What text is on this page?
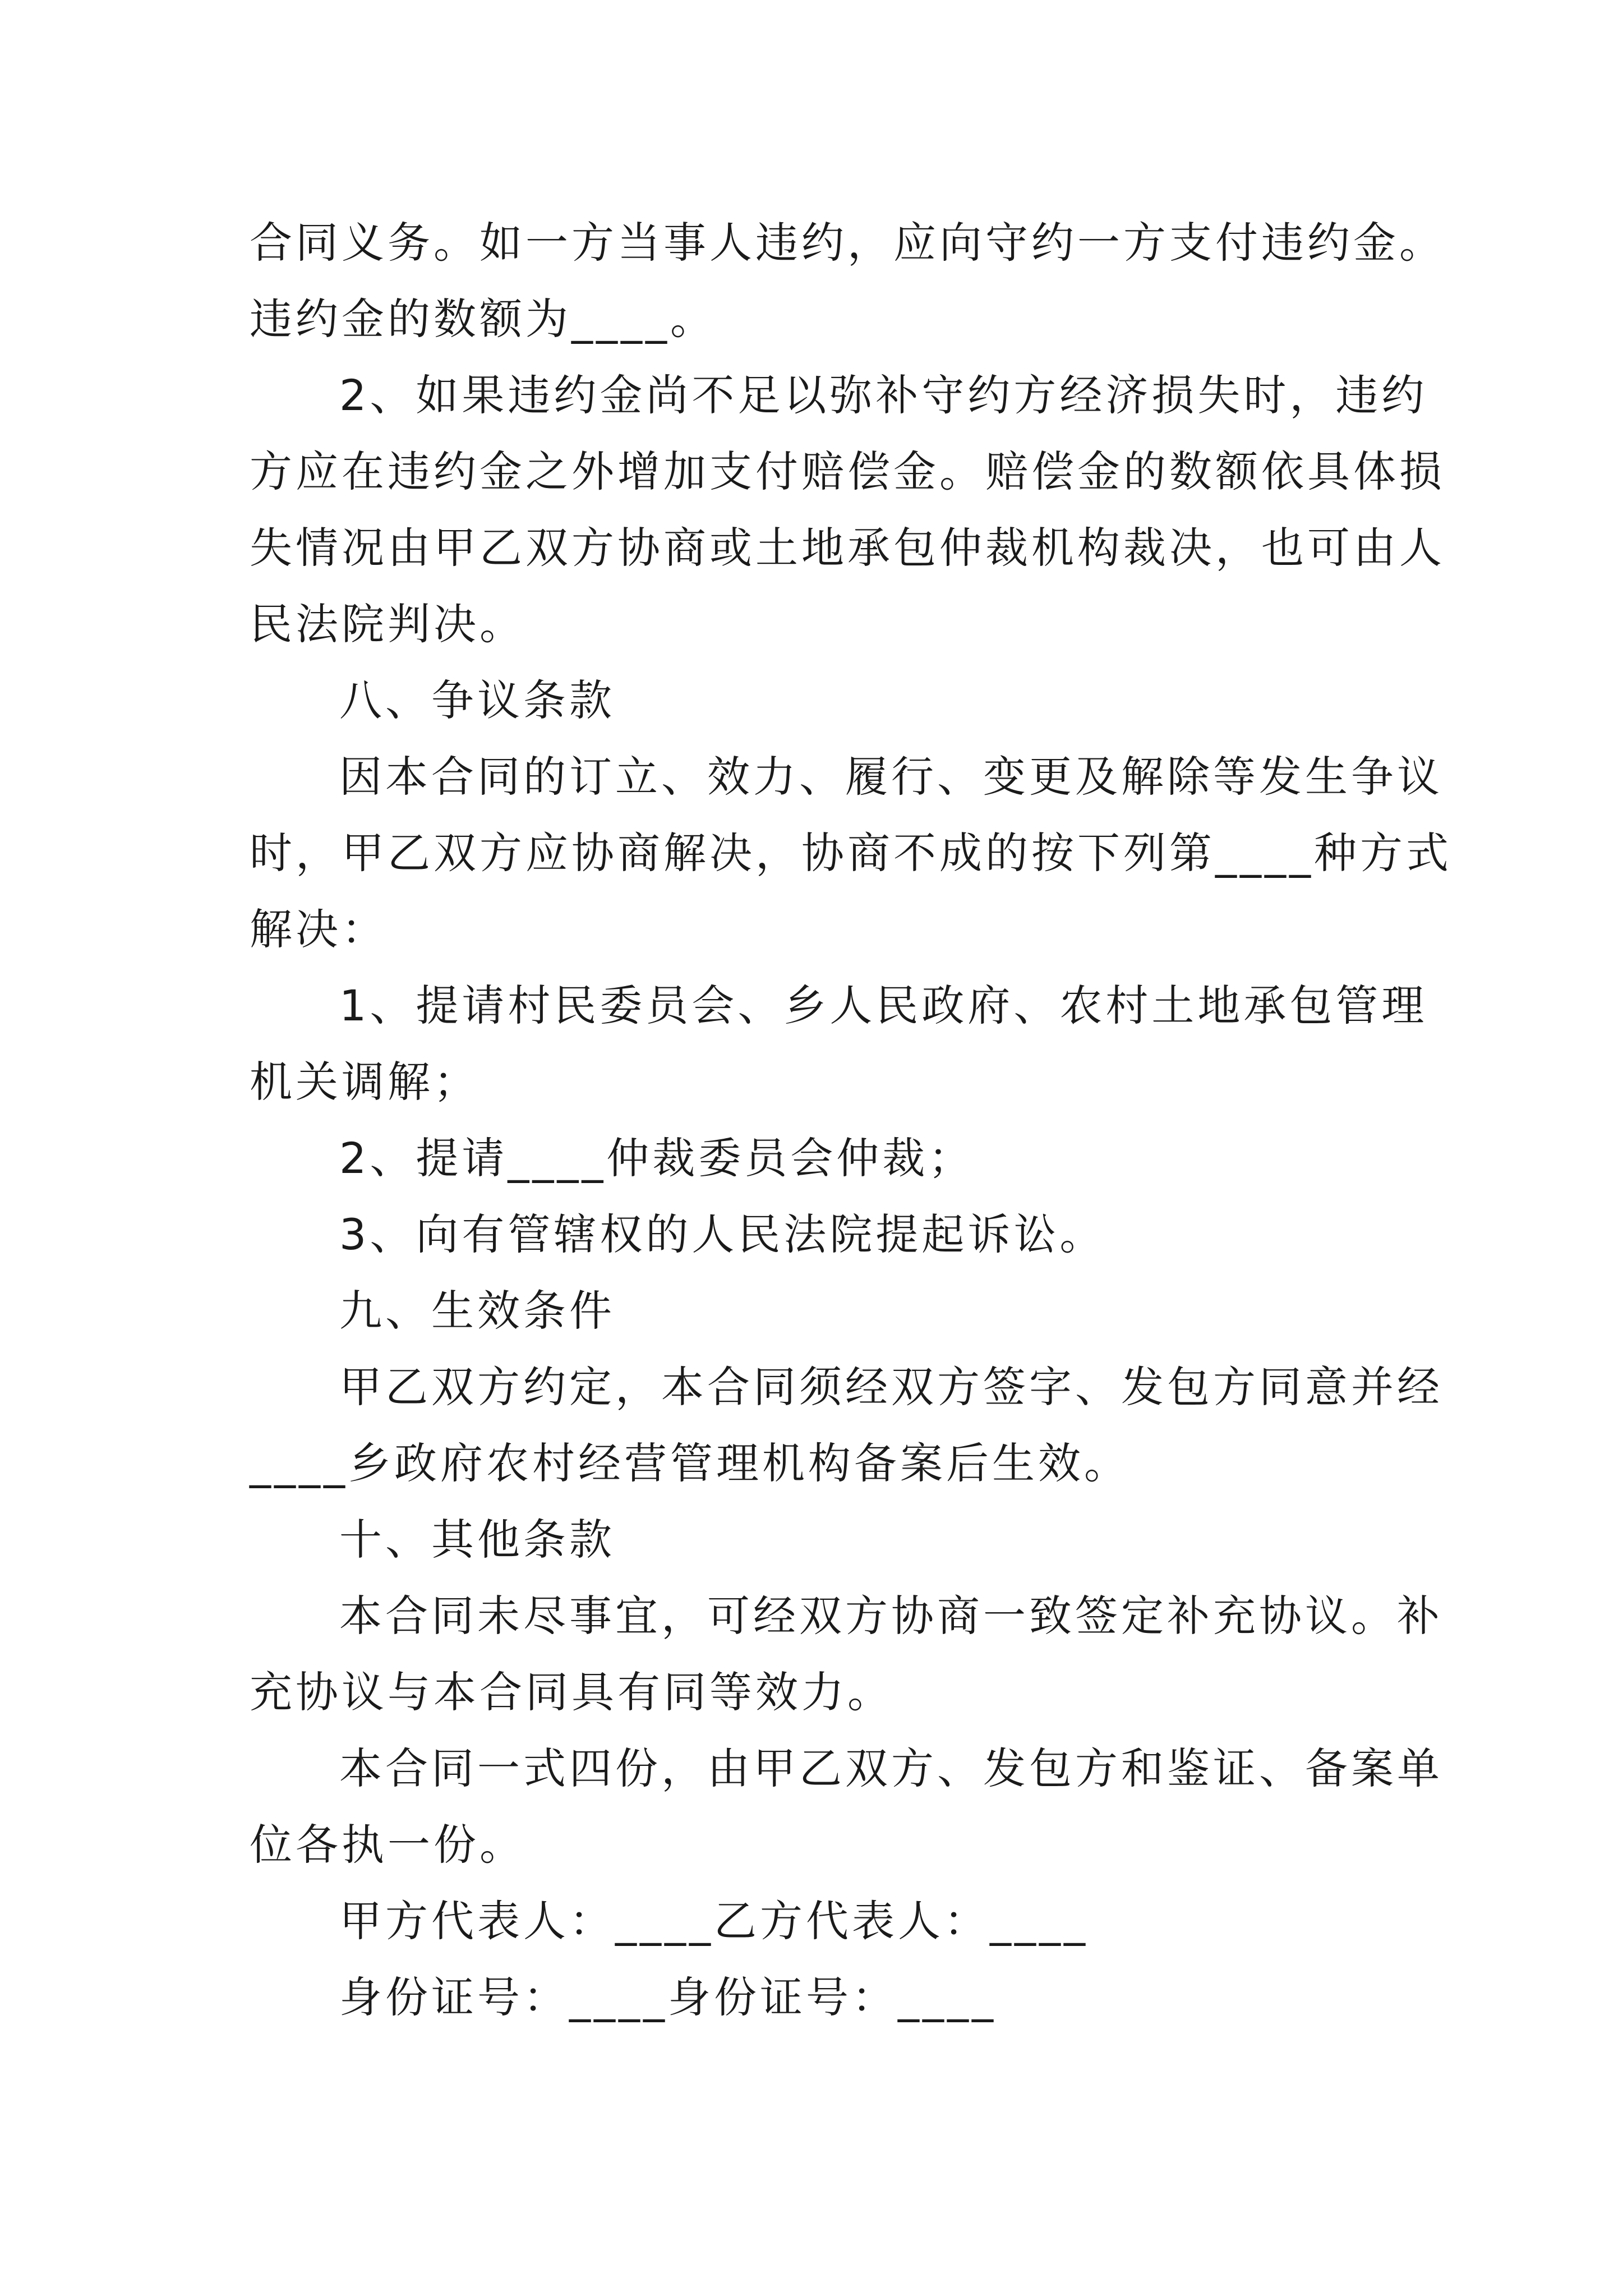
合同义务。如一方当事人违约，应向守约一方支付违约金。

违约金的数额为____。

2、如果违约金尚不足以弥补守约方经济损失时，违约

方应在违约金之外增加支付赔偿金。赔偿金的数额依具体损

失情况由甲乙双方协商或土地承包仲裁机构裁决，也可由人

民法院判决。

八、争议条款

因本合同的订立、效力、履行、变更及解除等发生争议

时，甲乙双方应协商解决，协商不成的按下列第____种方式

解决：

1、提请村民委员会、乡人民政府、农村土地承包管理

机关调解；

2、提请____仲裁委员会仲裁；

3、向有管辖权的人民法院提起诉讼。

九、生效条件

甲乙双方约定，本合同须经双方签字、发包方同意并经

____乡政府农村经营管理机构备案后生效。

十、其他条款

本合同未尽事宜，可经双方协商一致签定补充协议。补

充协议与本合同具有同等效力。

本合同一式四份，由甲乙双方、发包方和鉴证、备案单

位各执一份。

甲方代表人：____乙方代表人：____

身份证号：____身份证号：____
